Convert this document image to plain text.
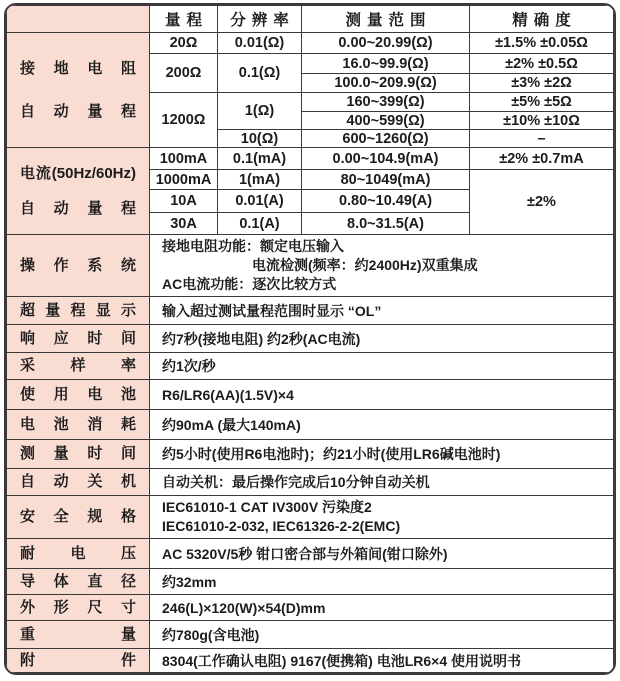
	量程	分辨率	测量范围	精确度

接地电阻
自动量程	20Ω	0.01(Ω)	0.00~20.99(Ω)	±1.5% ±0.05Ω
	200Ω	0.1(Ω)	16.0~99.9(Ω)	±2% ±0.5Ω
			100.0~209.9(Ω)	±3% ±2Ω
	1200Ω	1(Ω)	160~399(Ω)	±5% ±5Ω
			400~599(Ω)	±10% ±10Ω
		10(Ω)	600~1260(Ω)	–

电流(50Hz/60Hz)
自动量程	100mA	0.1(mA)	0.00~104.9(mA)	±2% ±0.7mA
	1000mA	1(mA)	80~1049(mA)	±2%
	10A	0.01(A)	0.80~10.49(A)	
	30A	0.1(A)	8.0~31.5(A)	

操作系统	接地电阻功能：额定电压输入
电流检测(频率：约2400Hz)双重集成
AC电流功能：逐次比较方式			

超量程显示	输入超过测试量程范围时显示 “OL”			

响应时间	约7秒(接地电阻) 约2秒(AC电流)			

采样率	约1次/秒			

使用电池	R6/LR6(AA)(1.5V)×4			

电池消耗	约90mA (最大140mA)			

测量时间	约5小时(使用R6电池时)；约21小时(使用LR6碱电池时)			

自动关机	自动关机：最后操作完成后10分钟自动关机			

安全规格	IEC61010-1 CAT IV300V 污染度2
IEC61010-2-032, IEC61326-2-2(EMC)			

耐电压	AC 5320V/5秒 钳口密合部与外箱间(钳口除外)			

导体直径	约32mm			

外形尺寸	246(L)×120(W)×54(D)mm			

重量	约780g(含电池)			

附件	8304(工作确认电阻) 9167(便携箱) 电池LR6×4 使用说明书			
